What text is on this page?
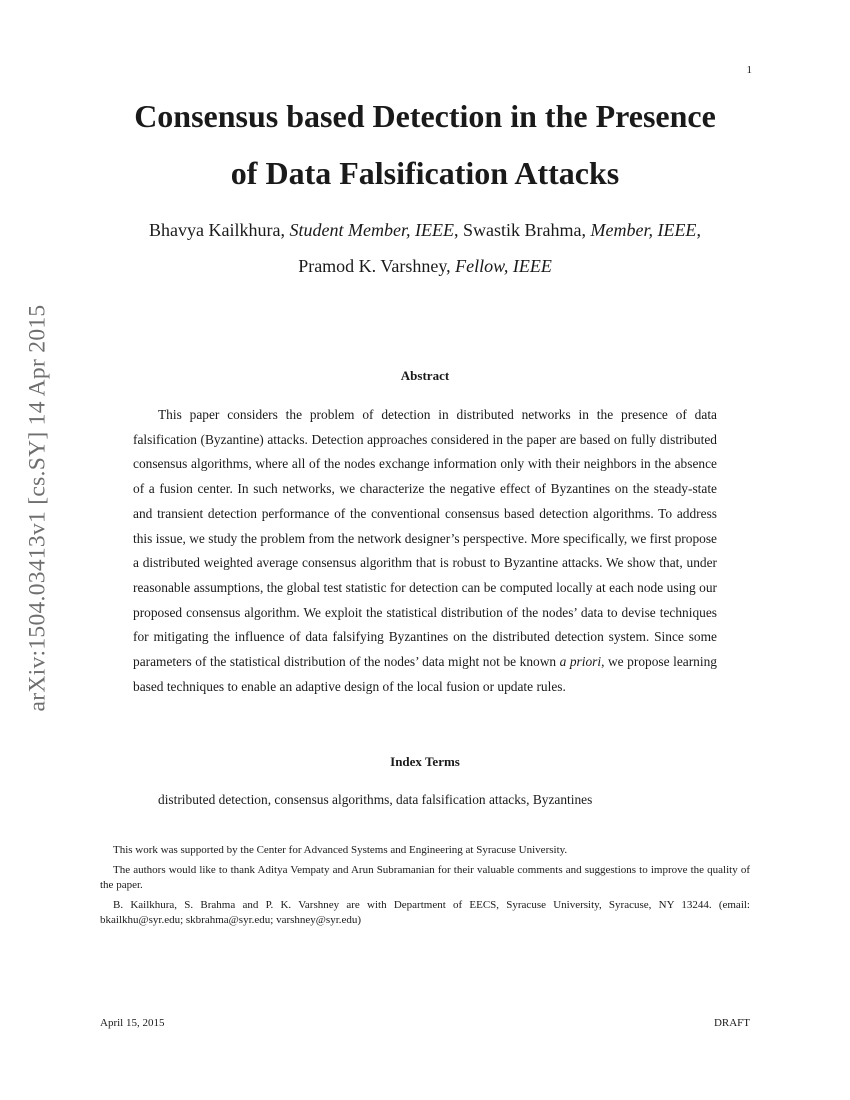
1
arXiv:1504.03413v1 [cs.SY] 14 Apr 2015
Consensus based Detection in the Presence
of Data Falsification Attacks
Bhavya Kailkhura, Student Member, IEEE, Swastik Brahma, Member, IEEE,
Pramod K. Varshney, Fellow, IEEE
Abstract

This paper considers the problem of detection in distributed networks in the presence of data falsification (Byzantine) attacks. Detection approaches considered in the paper are based on fully distributed consensus algorithms, where all of the nodes exchange information only with their neighbors in the absence of a fusion center. In such networks, we characterize the negative effect of Byzantines on the steady-state and transient detection performance of the conventional consensus based detection algorithms. To address this issue, we study the problem from the network designer’s perspective. More specifically, we first propose a distributed weighted average consensus algorithm that is robust to Byzantine attacks. We show that, under reasonable assumptions, the global test statistic for detection can be computed locally at each node using our proposed consensus algorithm. We exploit the statistical distribution of the nodes’ data to devise techniques for mitigating the influence of data falsifying Byzantines on the distributed detection system. Since some parameters of the statistical distribution of the nodes’ data might not be known a priori, we propose learning based techniques to enable an adaptive design of the local fusion or update rules.

Index Terms

distributed detection, consensus algorithms, data falsification attacks, Byzantines

This work was supported by the Center for Advanced Systems and Engineering at Syracuse University.

The authors would like to thank Aditya Vempaty and Arun Subramanian for their valuable comments and suggestions to improve the quality of the paper.

B. Kailkhura, S. Brahma and P. K. Varshney are with Department of EECS, Syracuse University, Syracuse, NY 13244. (email: bkailkhu@syr.edu; skbrahma@syr.edu; varshney@syr.edu)

April 15, 2015	DRAFT
